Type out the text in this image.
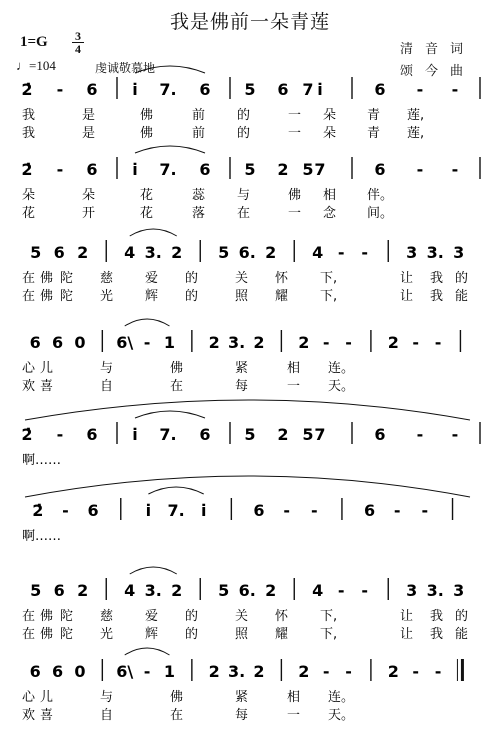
我是佛前一朵青莲
1=G 3
4
♩=104	虔诚敬慕地
清音词
颂今曲
2̇ - 6 i̇ 7. 6 5 6 7 i̇	6 - -
我	是	佛	前 的	一 朵 青 莲,
我	是	佛	前 的	一 朵 青 莲,
2̇ - 6 i̇ 7. 6 5 2 5 7	6 - -
朵	朵	花	蕊 与	佛 相 伴。
花	开	花	落 在	一 念 间。
5 6 2 4 3. 2 5 6. 2 4 - - 3 3. 3
在 佛 陀 慈 爱 的	关 怀 下,	让 我 的
在 佛 陀 光 辉 的	照 耀 下,	让 我 能
6 6 0 6\ - 1 2 3. 2 2 - - 2 - -
心 儿	与	佛	紧	相 连。
欢 喜	自	在	每	一 天。
2̇ - 6 i̇ 7. 6 5 2 5 7	6 - -
啊……
2̇ - 6	i̇ 7. i̇	6 - -	6 - -
啊……
5 6 2 4 3. 2 5 6. 2 4 - - 3 3. 3
在 佛 陀 慈 爱 的	关 怀 下,	让 我 的
在 佛 陀 光 辉 的	照 耀 下,	让 我 能
6 6 0 6\ - 1 2 3. 2 2 - - 2 - -
心 儿	与	佛	紧	相 连。
欢 喜	自	在	每	一 天。
